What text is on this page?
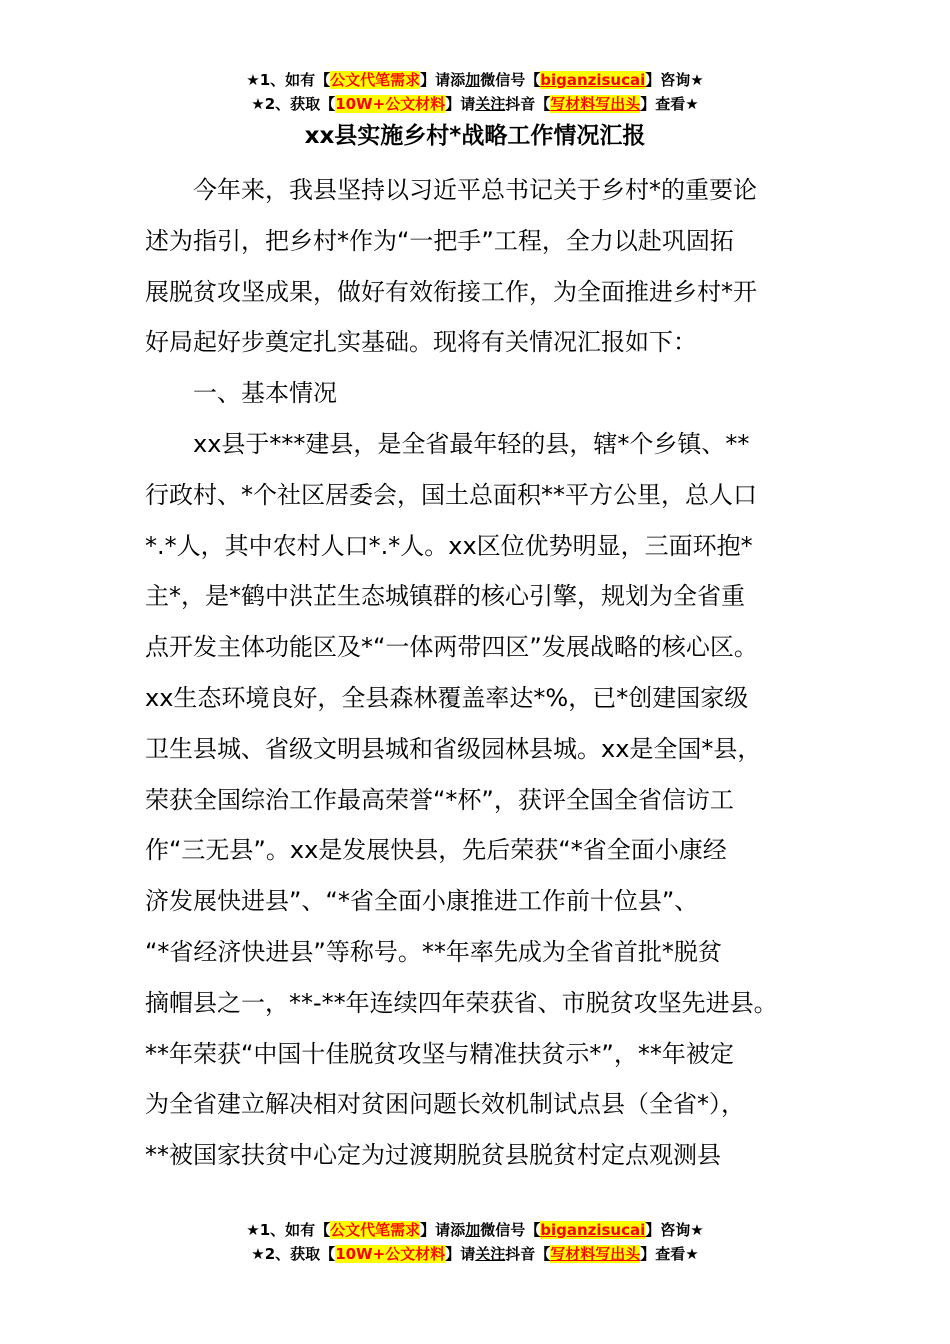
★1、如有【公文代笔需求】请添加微信号【biganzisucai】咨询★
★2、获取【10W+公文材料】请关注抖音【写材料写出头】查看★
xx县实施乡村*战略工作情况汇报
今年来，我县坚持以习近平总书记关于乡村*的重要论
述为指引，把乡村*作为“一把手”工程，全力以赴巩固拓
展脱贫攻坚成果，做好有效衔接工作，为全面推进乡村*开
好局起好步奠定扎实基础。现将有关情况汇报如下：
一、基本情况
xx县于***建县，是全省最年轻的县，辖*个乡镇、**
行政村、*个社区居委会，国土总面积**平方公里，总人口
*.*人，其中农村人口*.*人。xx区位优势明显，三面环抱*
主*，是*鹤中洪芷生态城镇群的核心引擎，规划为全省重
点开发主体功能区及*“一体两带四区”发展战略的核心区。
xx生态环境良好，全县森林覆盖率达*%，已*创建国家级
卫生县城、省级文明县城和省级园林县城。xx是全国*县，
荣获全国综治工作最高荣誉“*杯”，获评全国全省信访工
作“三无县”。xx是发展快县，先后荣获“*省全面小康经
济发展快进县”、“*省全面小康推进工作前十位县”、
“*省经济快进县”等称号。**年率先成为全省首批*脱贫
摘帽县之一，**-**年连续四年荣获省、市脱贫攻坚先进县。
**年荣获“中国十佳脱贫攻坚与精准扶贫示*”，**年被定
为全省建立解决相对贫困问题长效机制试点县（全省*），
**被国家扶贫中心定为过渡期脱贫县脱贫村定点观测县
★1、如有【公文代笔需求】请添加微信号【biganzisucai】咨询★
★2、获取【10W+公文材料】请关注抖音【写材料写出头】查看★
